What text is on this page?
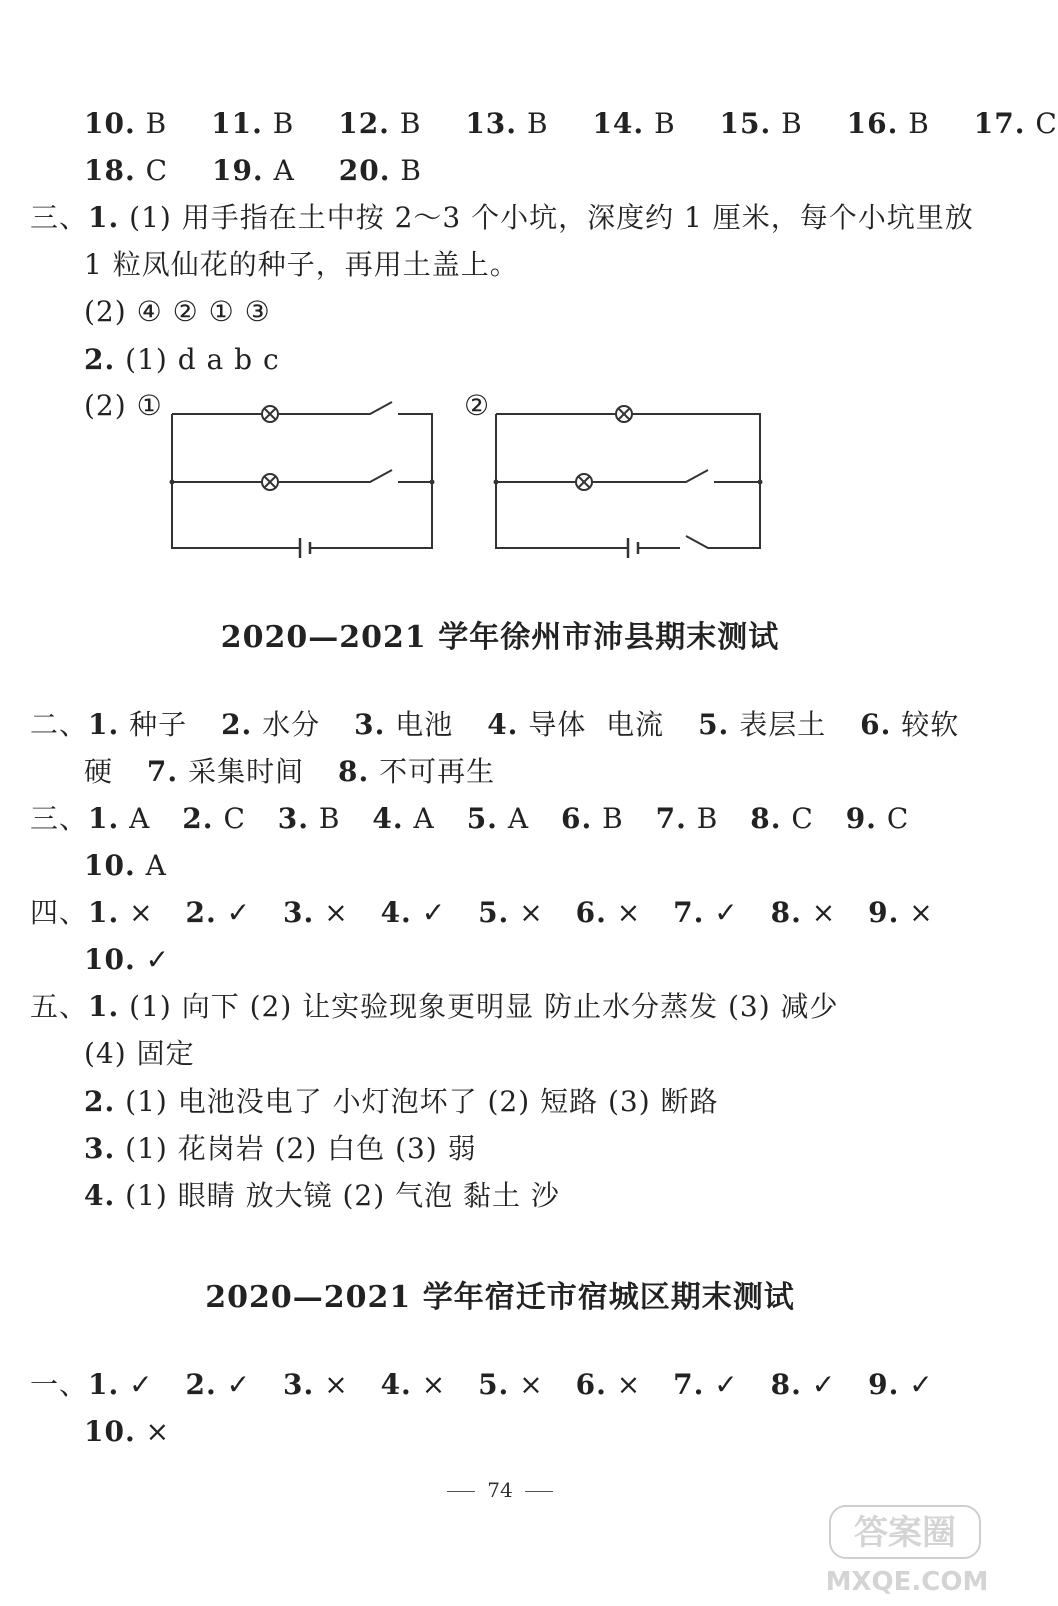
10. B 11. B 12. B 13. B 14. B 15. B 16. B 17. C
18. C 19. A 20. B
三、1. (1) 用手指在土中按 2～3 个小坑，深度约 1 厘米，每个小坑里放
1 粒凤仙花的种子，再用土盖上。
(2) ④ ② ① ③
2. (1) d a b c
(2) ①	②
2020—2021 学年徐州市沛县期末测试
二、1. 种子 2. 水分 3. 电池 4. 导体  电流 5. 表层土 6. 较软
硬 7. 采集时间 8. 不可再生
三、1. A 2. C 3. B 4. A 5. A 6. B 7. B 8. C 9. C
10. A
四、1. × 2. ✓ 3. × 4. ✓ 5. × 6. × 7. ✓ 8. × 9. ×
10. ✓
五、1. (1) 向下 (2) 让实验现象更明显 防止水分蒸发 (3) 减少
(4) 固定
2. (1) 电池没电了 小灯泡坏了 (2) 短路 (3) 断路
3. (1) 花岗岩 (2) 白色 (3) 弱
4. (1) 眼睛 放大镜 (2) 气泡 黏土 沙
2020—2021 学年宿迁市宿城区期末测试
一、1. ✓ 2. ✓ 3. × 4. × 5. × 6. × 7. ✓ 8. ✓ 9. ✓
10. ×
74
答案圈
MXQE.COM
